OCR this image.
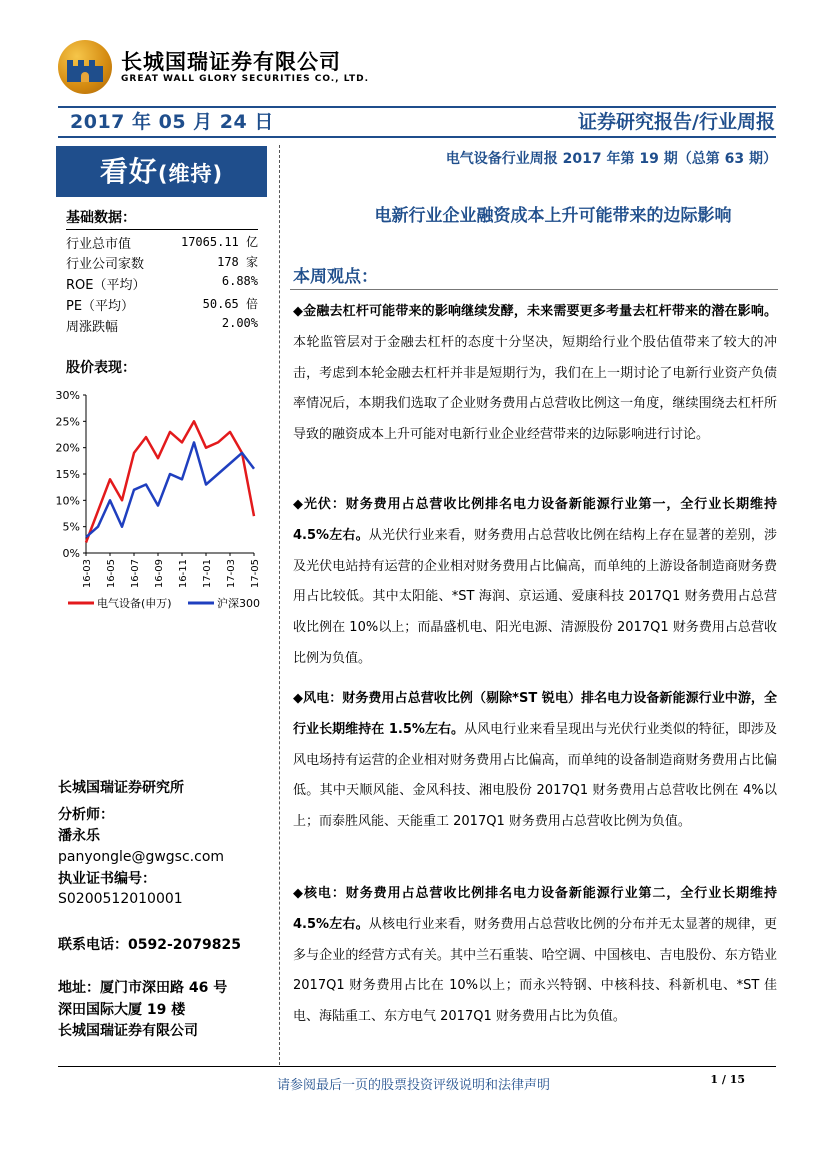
长城国瑞证券有限公司
GREAT WALL GLORY SECURITIES CO., LTD.
2017 年 05 月 24 日	证券研究报告/行业周报
看好(维持)
电气设备行业周报 2017 年第 19 期（总第 63 期）
基础数据：
行业总市值	17065.11 亿
行业公司家数	178 家
ROE（平均）	6.88%
PE（平均）	50.65 倍
周涨跌幅	2.00%
股价表现：
0%
5%
10%
15%
20%
25%
30%
16-03 16-05 16-07 16-09 16-11 17-01 17-03 17-05
电气设备(申万)	沪深300
长城国瑞证券研究所
分析师：
潘永乐
panyongle@gwgsc.com
执业证书编号：
S0200512010001
联系电话：0592-2079825
地址：厦门市深田路 46 号
深田国际大厦 19 楼
长城国瑞证券有限公司
电新行业企业融资成本上升可能带来的边际影响
本周观点：
◆金融去杠杆可能带来的影响继续发酵，未来需要更多考量去杠杆带来的潜在影响。本轮监管层对于金融去杠杆的态度十分坚决，短期给行业个股估值带来了较大的冲击，考虑到本轮金融去杠杆并非是短期行为，我们在上一期讨论了电新行业资产负债率情况后，本期我们选取了企业财务费用占总营收比例这一角度，继续围绕去杠杆所导致的融资成本上升可能对电新行业企业经营带来的边际影响进行讨论。
◆光伏：财务费用占总营收比例排名电力设备新能源行业第一，全行业长期维持 4.5%左右。从光伏行业来看，财务费用占总营收比例在结构上存在显著的差别，涉及光伏电站持有运营的企业相对财务费用占比偏高，而单纯的上游设备制造商财务费用占比较低。其中太阳能、*ST 海润、京运通、爱康科技 2017Q1 财务费用占总营收比例在 10%以上；而晶盛机电、阳光电源、清源股份 2017Q1 财务费用占总营收比例为负值。
◆风电：财务费用占总营收比例（剔除*ST 锐电）排名电力设备新能源行业中游，全行业长期维持在 1.5%左右。从风电行业来看呈现出与光伏行业类似的特征，即涉及风电场持有运营的企业相对财务费用占比偏高，而单纯的设备制造商财务费用占比偏低。其中天顺风能、金风科技、湘电股份 2017Q1 财务费用占总营收比例在 4%以上；而泰胜风能、天能重工 2017Q1 财务费用占总营收比例为负值。
◆核电：财务费用占总营收比例排名电力设备新能源行业第二，全行业长期维持 4.5%左右。从核电行业来看，财务费用占总营收比例的分布并无太显著的规律，更多与企业的经营方式有关。其中兰石重装、哈空调、中国核电、吉电股份、东方锆业 2017Q1 财务费用占比在 10%以上；而永兴特钢、中核科技、科新机电、*ST 佳电、海陆重工、东方电气 2017Q1 财务费用占比为负值。
请参阅最后一页的股票投资评级说明和法律声明	1 / 15
